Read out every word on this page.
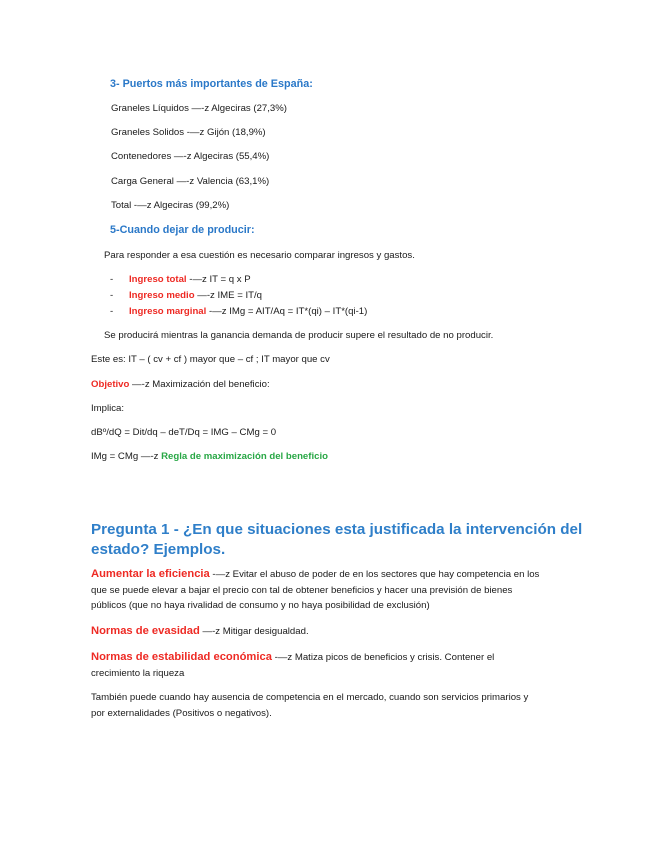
3- Puertos más importantes de España:
Graneles Líquidos —-z Algeciras (27,3%)
Graneles Solidos -—z Gijón (18,9%)
Contenedores —-z Algeciras (55,4%)
Carga General —-z Valencia (63,1%)
Total -—z Algeciras (99,2%)
5-Cuando dejar de producir:
Para responder a esa cuestión es necesario comparar ingresos y gastos.
- Ingreso total -—z IT = q x P
- Ingreso medio —-z IME = IT/q
- Ingreso marginal -—z IMg = AIT/Aq = IT*(qi) – IT*(qi-1)
Se producirá mientras la ganancia demanda de producir supere el resultado de no producir.
Este es: IT – ( cv + cf ) mayor que – cf ; IT mayor que cv
Objetivo —-z Maximización del beneficio:
Implica:
dBº/dQ = Dit/dq – deT/Dq = IMG – CMg = 0
IMg = CMg —-z Regla de maximización del beneficio
Pregunta 1 - ¿En que situaciones esta justificada la intervención del estado? Ejemplos.
Aumentar la eficiencia -—z Evitar el abuso de poder de en los sectores que hay competencia en los que se puede elevar a bajar el precio con tal de obtener beneficios y hacer una previsión de bienes públicos (que no haya rivalidad de consumo y no haya posibilidad de exclusión)
Normas de evasidad —-z Mitigar desigualdad.
Normas de estabilidad económica -—z Matiza picos de beneficios y crisis. Contener el crecimiento la riqueza
También puede cuando hay ausencia de competencia en el mercado, cuando son servicios primarios y por externalidades (Positivos o negativos).
